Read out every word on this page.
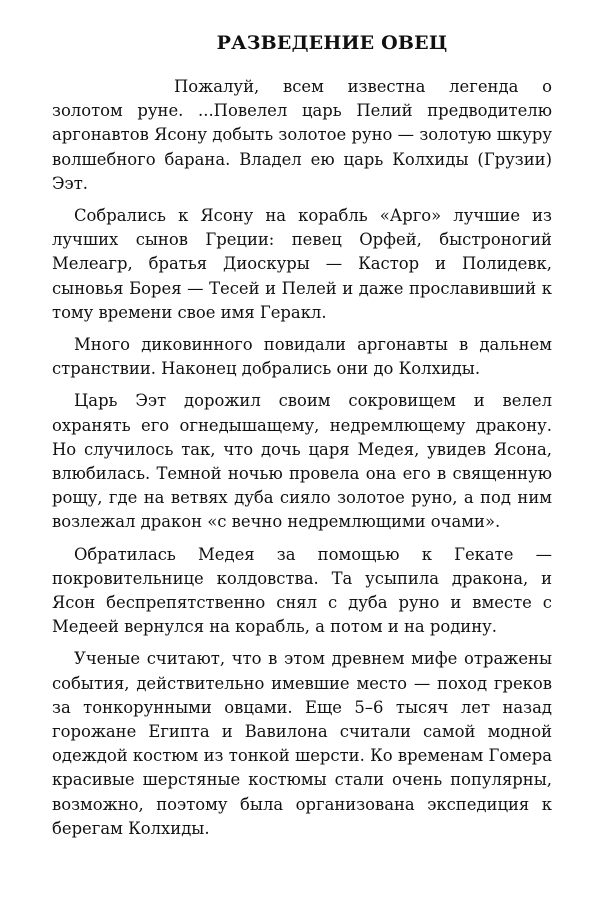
РАЗВЕДЕНИЕ ОВЕЦ

Пожалуй, всем известна легенда о золотом руне. ...Повелел царь Пелий предводителю аргонавтов Ясону добыть золотое руно — золотую шкуру волшебного барана. Владел ею царь Колхиды (Грузии) Ээт.

Собрались к Ясону на корабль «Арго» лучшие из лучших сынов Греции: певец Орфей, быстроногий Мелеагр, братья Диоскуры — Кастор и Полидевк, сыновья Борея — Тесей и Пелей и даже прославивший к тому времени свое имя Геракл.

Много диковинного повидали аргонавты в дальнем странствии. Наконец добрались они до Колхиды.

Царь Ээт дорожил своим сокровищем и велел охранять его огнедышащему, недремлющему дракону. Но случилось так, что дочь царя Медея, увидев Ясона, влюбилась. Темной ночью провела она его в священную рощу, где на ветвях дуба сияло золотое руно, а под ним возлежал дракон «с вечно недремлющими очами».

Обратилась Медея за помощью к Гекате — покровительнице колдовства. Та усыпила дракона, и Ясон беспрепятственно снял с дуба руно и вместе с Медеей вернулся на корабль, а потом и на родину.

Ученые считают, что в этом древнем мифе отражены события, действительно имевшие место — поход греков за тонкорунными овцами. Еще 5–6 тысяч лет назад горожане Египта и Вавилона считали самой модной одеждой костюм из тонкой шерсти. Ко временам Гомера красивые шерстяные костюмы стали очень популярны, возможно, поэтому была организована экспедиция к берегам Колхиды.
